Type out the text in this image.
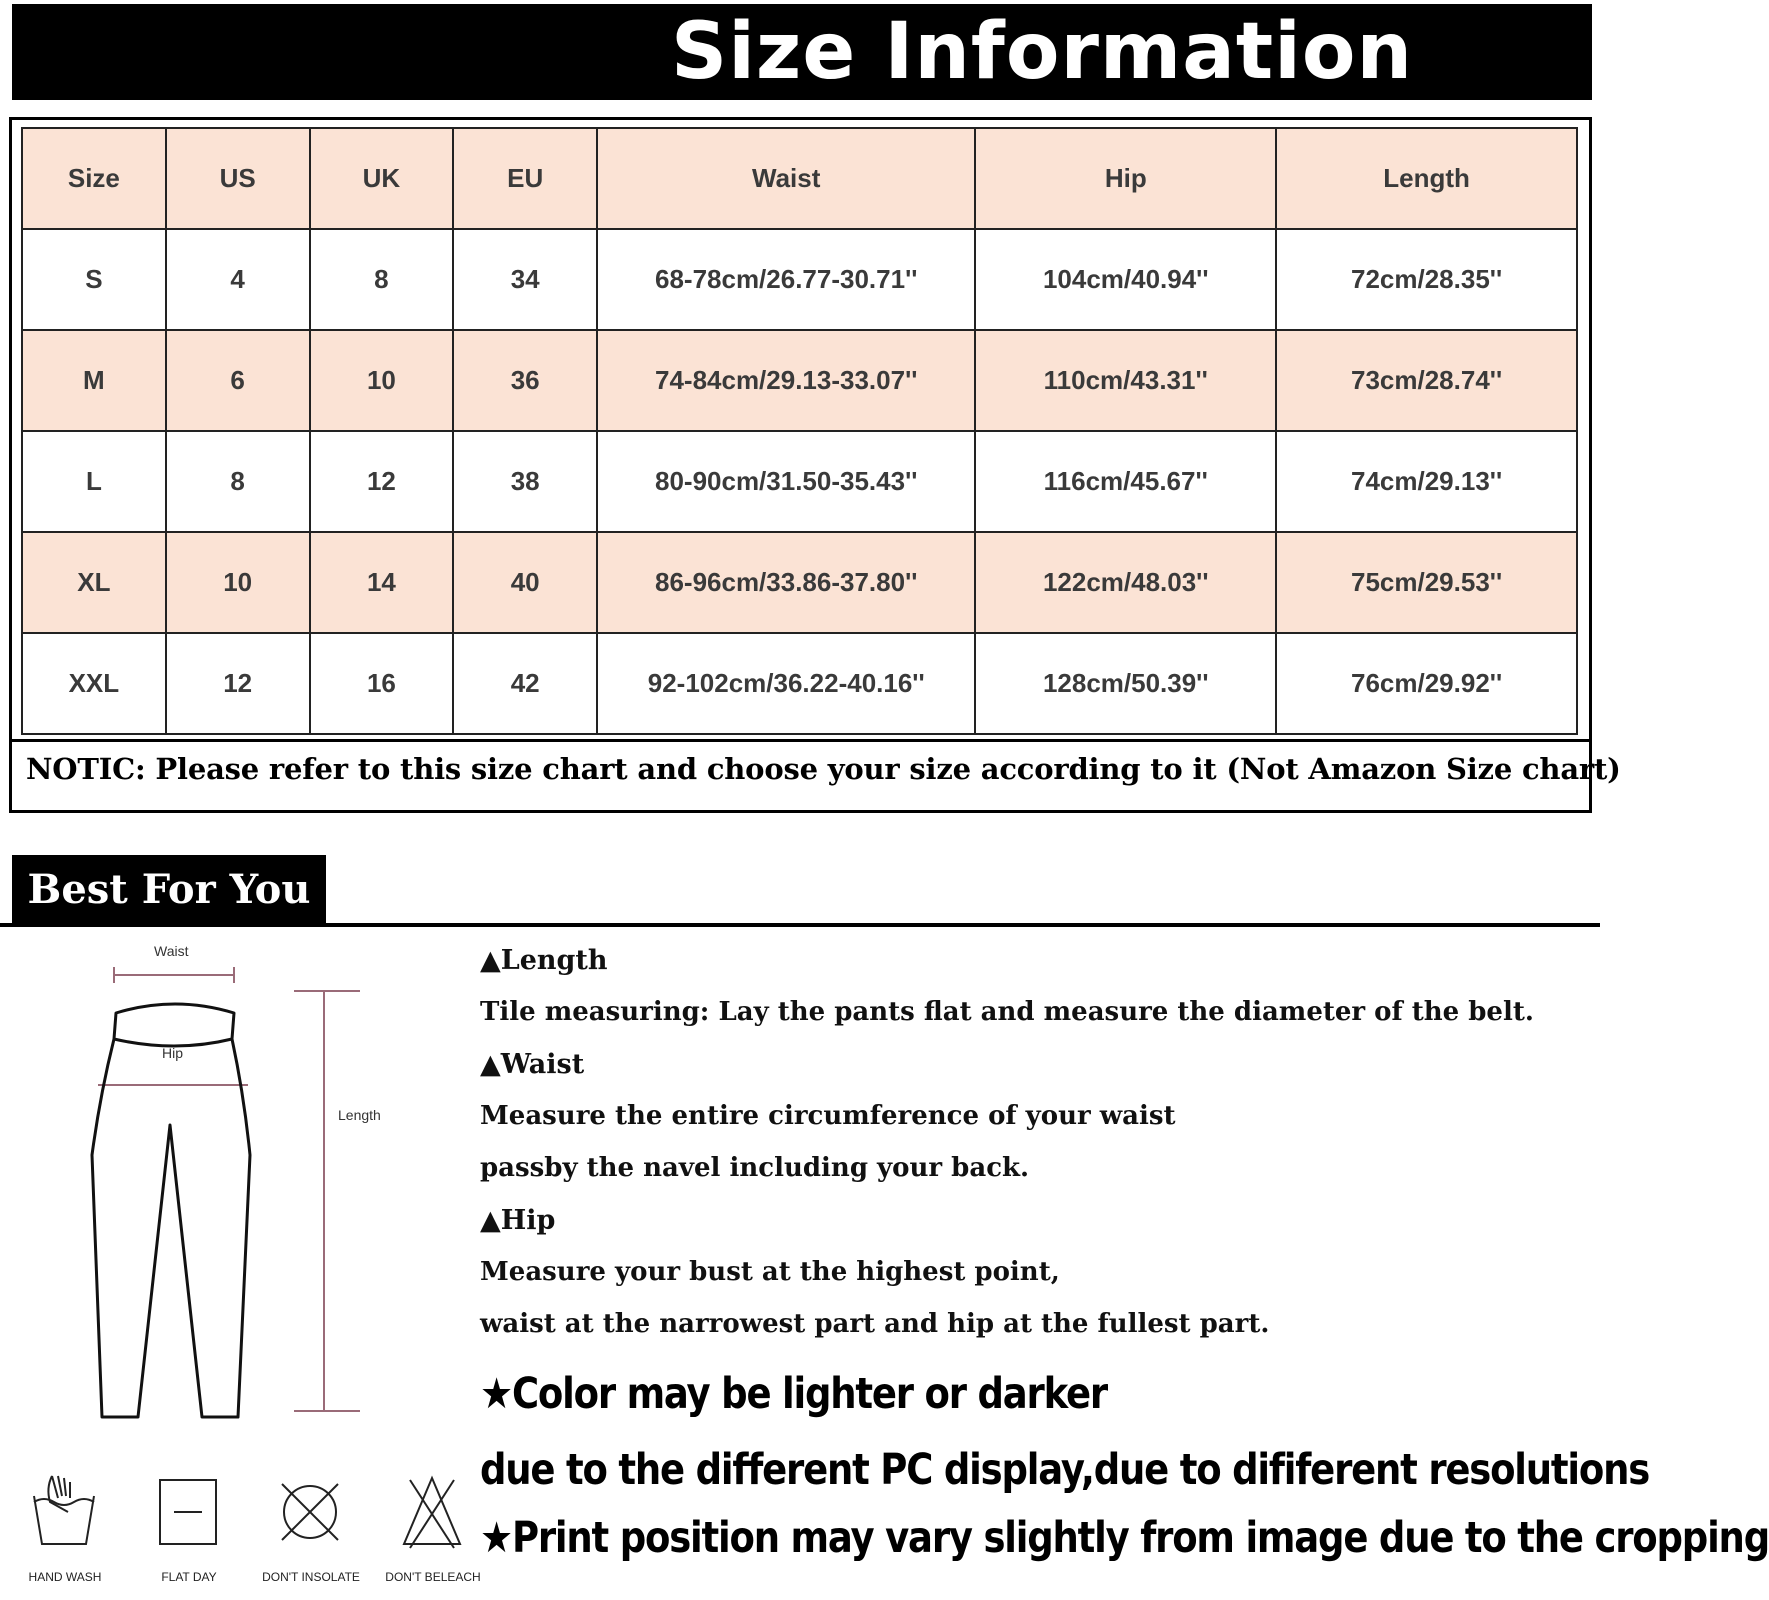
Size Information
Size	US	UK	EU	Waist	Hip	Length
S	4	8	34	68-78cm/26.77-30.71''	104cm/40.94''	72cm/28.35''
M	6	10	36	74-84cm/29.13-33.07''	110cm/43.31''	73cm/28.74''
L	8	12	38	80-90cm/31.50-35.43''	116cm/45.67''	74cm/29.13''
XL	10	14	40	86-96cm/33.86-37.80''	122cm/48.03''	75cm/29.53''
XXL	12	16	42	92-102cm/36.22-40.16''	128cm/50.39''	76cm/29.92''
NOTIC: Please refer to this size chart and choose your size according to it (Not Amazon Size chart)
Best For You
Waist
Hip
Length
HAND WASH	FLAT DAY	DON'T INSOLATE	DON'T BELEACH
▲Length
Tile measuring: Lay the pants flat and measure the diameter of the belt.
▲Waist
Measure the entire circumference of your waist
passby the navel including your back.
▲Hip
Measure your bust at the highest point,
waist at the narrowest part and hip at the fullest part.
★Color may be lighter or darker
due to the different PC display,due to dififerent resolutions
★Print position may vary slightly from image due to the cropping
